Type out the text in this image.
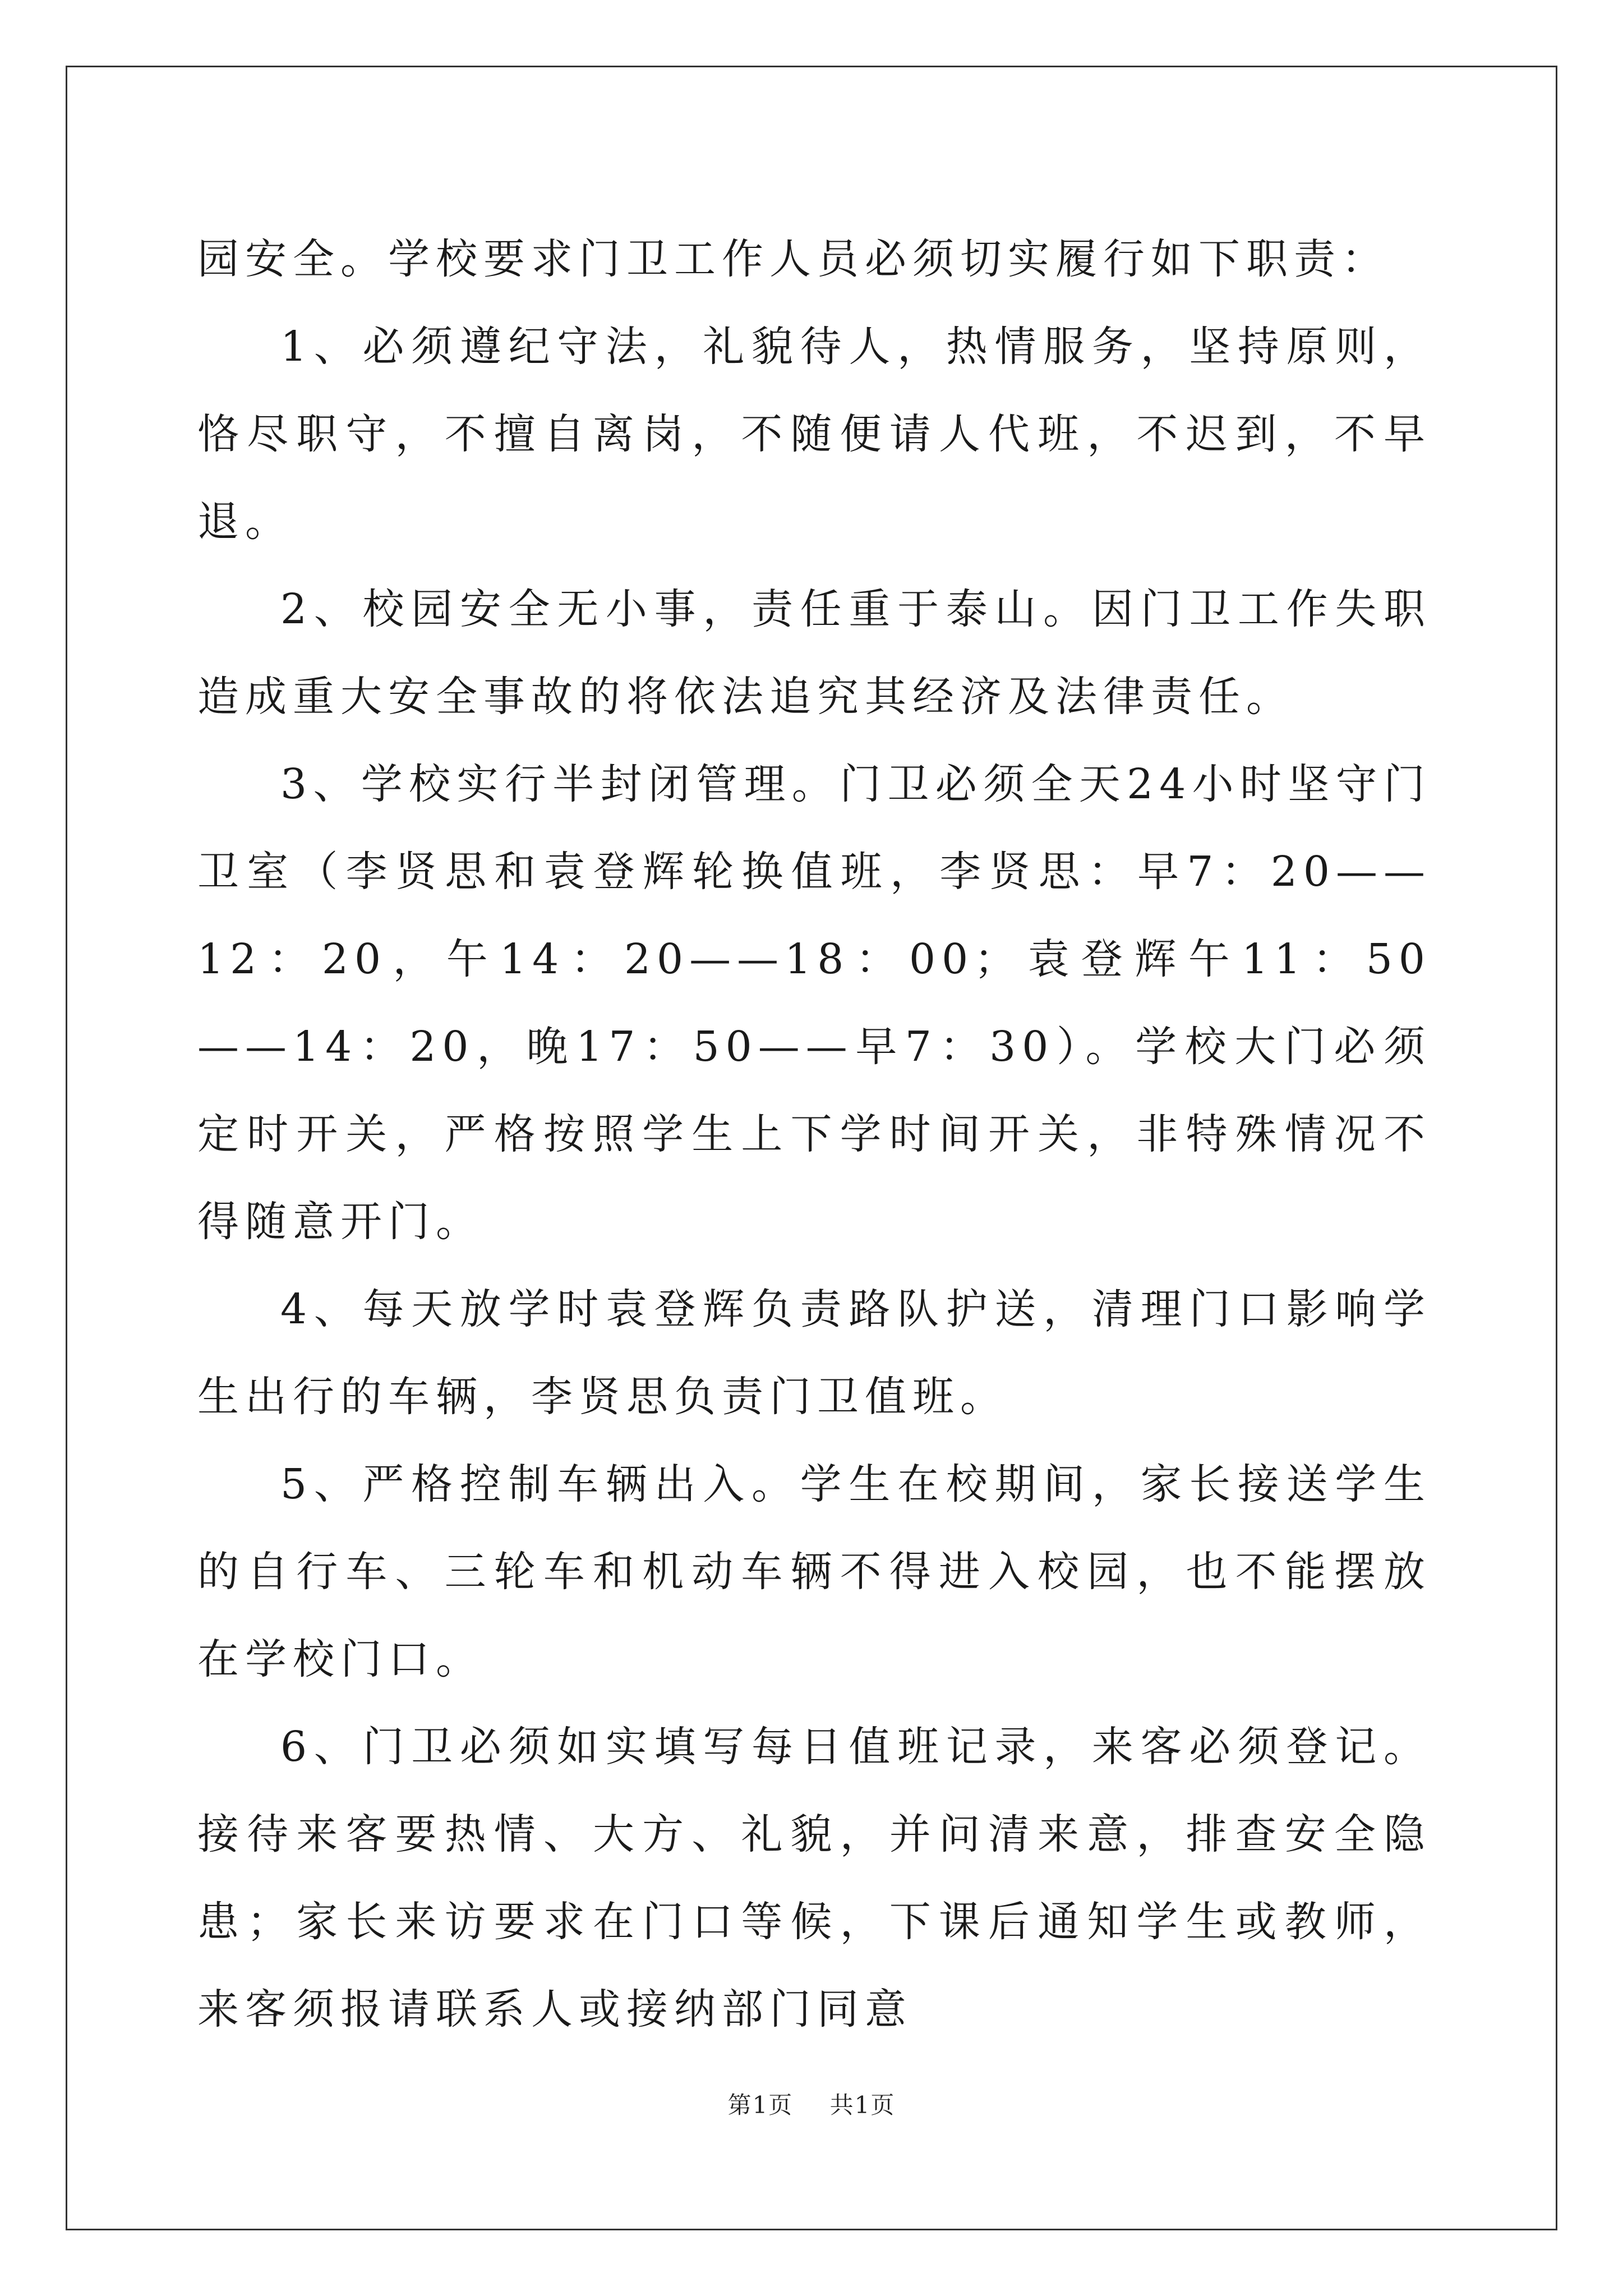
园安全。学校要求门卫工作人员必须切实履行如下职责：

1、必须遵纪守法，礼貌待人，热情服务，坚持原则，恪尽职守，不擅自离岗，不随便请人代班，不迟到，不早退。

2、校园安全无小事，责任重于泰山。因门卫工作失职造成重大安全事故的将依法追究其经济及法律责任。

3、学校实行半封闭管理。门卫必须全天24小时坚守门卫室（李贤思和袁登辉轮换值班，李贤思：早7：20——12：20，午14：20——18：00；袁登辉午11：50——14：20，晚17：50——早7：30）。学校大门必须定时开关，严格按照学生上下学时间开关，非特殊情况不得随意开门。

4、每天放学时袁登辉负责路队护送，清理门口影响学生出行的车辆，李贤思负责门卫值班。

5、严格控制车辆出入。学生在校期间，家长接送学生的自行车、三轮车和机动车辆不得进入校园，也不能摆放在学校门口。

6、门卫必须如实填写每日值班记录，来客必须登记。接待来客要热情、大方、礼貌，并问清来意，排查安全隐患；家长来访要求在门口等候，下课后通知学生或教师，来客须报请联系人或接纳部门同意

第1页 共1页
